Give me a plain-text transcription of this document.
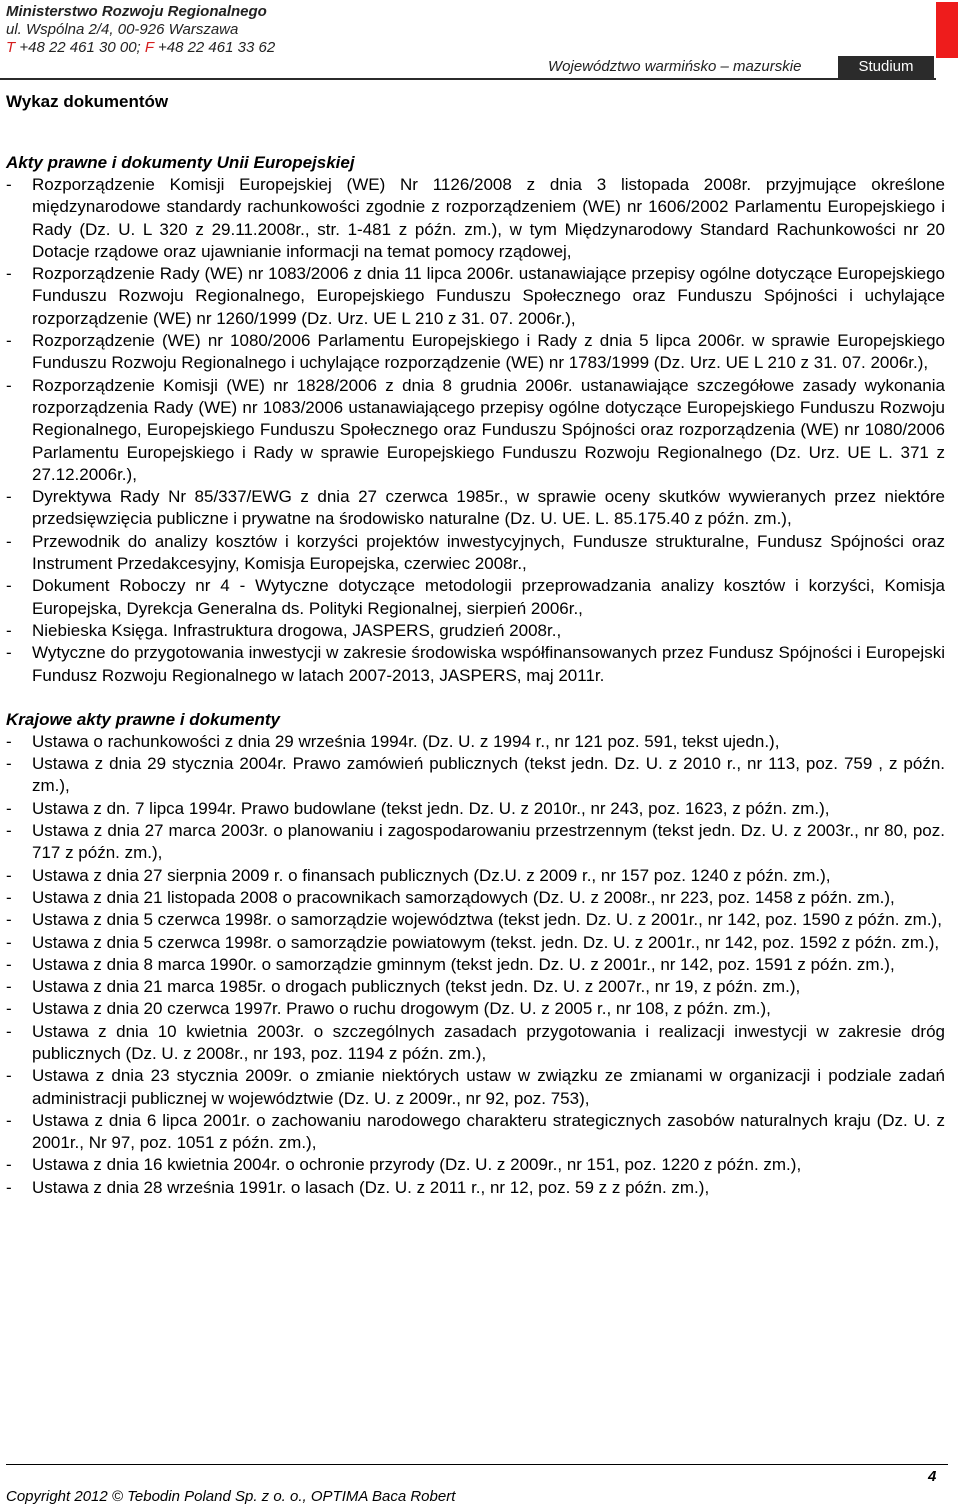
Ministerstwo Rozwoju Regionalnego
ul. Wspólna 2/4, 00-926 Warszawa
T +48 22 461 30 00; F +48 22 461 33 62
Województwo warmińsko – mazurskie	Studium
Wykaz dokumentów
Akty prawne i dokumenty Unii Europejskiej
- Rozporządzenie Komisji Europejskiej (WE) Nr 1126/2008 z dnia 3 listopada 2008r. przyjmujące określone międzynarodowe standardy rachunkowości zgodnie z rozporządzeniem (WE) nr 1606/2002 Parlamentu Europejskiego i Rady (Dz. U. L 320 z 29.11.2008r., str. 1-481 z późn. zm.), w tym Międzynarodowy Standard Rachunkowości nr 20 Dotacje rządowe oraz ujawnianie informacji na temat pomocy rządowej,
- Rozporządzenie Rady (WE) nr 1083/2006 z dnia 11 lipca 2006r. ustanawiające przepisy ogólne dotyczące Europejskiego Funduszu Rozwoju Regionalnego, Europejskiego Funduszu Społecznego oraz Funduszu Spójności i uchylające rozporządzenie (WE) nr 1260/1999 (Dz. Urz. UE L 210 z 31. 07. 2006r.),
- Rozporządzenie (WE) nr 1080/2006 Parlamentu Europejskiego i Rady z dnia 5 lipca 2006r. w sprawie Europejskiego Funduszu Rozwoju Regionalnego i uchylające rozporządzenie (WE) nr 1783/1999 (Dz. Urz. UE L 210 z 31. 07. 2006r.),
- Rozporządzenie Komisji (WE) nr 1828/2006 z dnia 8 grudnia 2006r. ustanawiające szczegółowe zasady wykonania rozporządzenia Rady (WE) nr 1083/2006 ustanawiającego przepisy ogólne dotyczące Europejskiego Funduszu Rozwoju Regionalnego, Europejskiego Funduszu Społecznego oraz Funduszu Spójności oraz rozporządzenia (WE) nr 1080/2006 Parlamentu Europejskiego i Rady w sprawie Europejskiego Funduszu Rozwoju Regionalnego (Dz. Urz. UE L. 371 z 27.12.2006r.),
- Dyrektywa Rady Nr 85/337/EWG z dnia 27 czerwca 1985r., w sprawie oceny skutków wywieranych przez niektóre przedsięwzięcia publiczne i prywatne na środowisko naturalne (Dz. U. UE. L. 85.175.40 z późn. zm.),
- Przewodnik do analizy kosztów i korzyści projektów inwestycyjnych, Fundusze strukturalne, Fundusz Spójności oraz Instrument Przedakcesyjny, Komisja Europejska, czerwiec 2008r.,
- Dokument Roboczy nr 4 - Wytyczne dotyczące metodologii przeprowadzania analizy kosztów i korzyści, Komisja Europejska, Dyrekcja Generalna ds. Polityki Regionalnej, sierpień 2006r.,
- Niebieska Księga. Infrastruktura drogowa, JASPERS, grudzień 2008r.,
- Wytyczne do przygotowania inwestycji w zakresie środowiska współfinansowanych przez Fundusz Spójności i Europejski Fundusz Rozwoju Regionalnego w latach 2007-2013, JASPERS, maj 2011r.
Krajowe akty prawne i dokumenty
- Ustawa o rachunkowości z dnia 29 września 1994r. (Dz. U. z 1994 r., nr 121 poz. 591, tekst ujedn.),
- Ustawa z dnia 29 stycznia 2004r. Prawo zamówień publicznych (tekst jedn. Dz. U. z 2010 r., nr 113, poz. 759 , z późn. zm.),
- Ustawa z dn. 7 lipca 1994r. Prawo budowlane (tekst jedn. Dz. U. z 2010r., nr 243, poz. 1623, z późn. zm.),
- Ustawa z dnia 27 marca 2003r. o planowaniu i zagospodarowaniu przestrzennym (tekst jedn. Dz. U. z 2003r., nr 80, poz. 717 z późn. zm.),
- Ustawa z dnia 27 sierpnia 2009 r. o finansach publicznych (Dz.U. z 2009 r., nr 157 poz. 1240 z późn. zm.),
- Ustawa z dnia 21 listopada 2008 o pracownikach samorządowych (Dz. U. z 2008r., nr 223, poz. 1458 z późn. zm.),
- Ustawa z dnia 5 czerwca 1998r. o samorządzie województwa (tekst jedn. Dz. U. z 2001r., nr 142, poz. 1590 z późn. zm.),
- Ustawa z dnia 5 czerwca 1998r. o samorządzie powiatowym (tekst. jedn. Dz. U. z 2001r., nr 142, poz. 1592 z późn. zm.),
- Ustawa z dnia 8 marca 1990r. o samorządzie gminnym (tekst jedn. Dz. U. z 2001r., nr 142, poz. 1591 z późn. zm.),
- Ustawa z dnia 21 marca 1985r. o drogach publicznych (tekst jedn. Dz. U. z 2007r., nr 19, z późn. zm.),
- Ustawa z dnia 20 czerwca 1997r. Prawo o ruchu drogowym (Dz. U. z 2005 r., nr 108, z późn. zm.),
- Ustawa z dnia 10 kwietnia 2003r. o szczególnych zasadach przygotowania i realizacji inwestycji w zakresie dróg publicznych (Dz. U. z 2008r., nr 193, poz. 1194 z późn. zm.),
- Ustawa z dnia 23 stycznia 2009r. o zmianie niektórych ustaw w związku ze zmianami w organizacji i podziale zadań administracji publicznej w województwie (Dz. U. z 2009r., nr 92, poz. 753),
- Ustawa z dnia 6 lipca 2001r. o zachowaniu narodowego charakteru strategicznych zasobów naturalnych kraju (Dz. U. z 2001r., Nr 97, poz. 1051 z późn. zm.),
- Ustawa z dnia 16 kwietnia 2004r. o ochronie przyrody (Dz. U. z 2009r., nr 151, poz. 1220 z późn. zm.),
- Ustawa z dnia 28 września 1991r. o lasach (Dz. U. z 2011 r., nr 12, poz. 59 z z późn. zm.),
4
Copyright 2012 © Tebodin Poland Sp. z o. o., OPTIMA Baca Robert
